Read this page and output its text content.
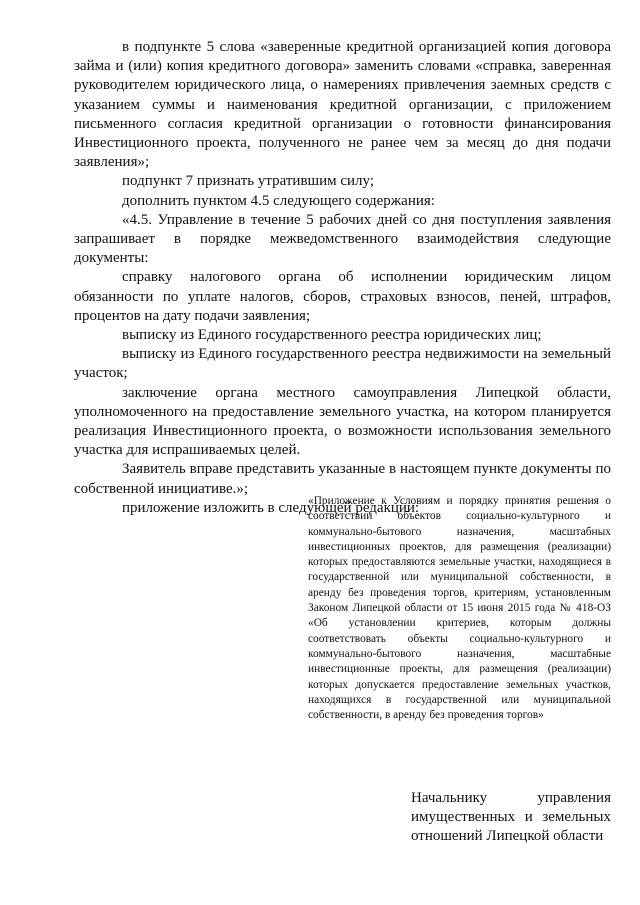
в подпункте 5 слова «заверенные кредитной организацией копия договора займа и (или) копия кредитного договора» заменить словами «справка, заверенная руководителем юридического лица, о намерениях привлечения заемных средств с указанием суммы и наименования кредитной организации, с приложением письменного согласия кредитной организации о готовности финансирования Инвестиционного проекта, полученного не ранее чем за месяц до дня подачи заявления»;

подпункт 7 признать утратившим силу;

дополнить пунктом 4.5 следующего содержания:

«4.5. Управление в течение 5 рабочих дней со дня поступления заявления запрашивает в порядке межведомственного взаимодействия следующие документы:

справку налогового органа об исполнении юридическим лицом обязанности по уплате налогов, сборов, страховых взносов, пеней, штрафов, процентов на дату подачи заявления;

выписку из Единого государственного реестра юридических лиц;

выписку из Единого государственного реестра недвижимости на земельный участок;

заключение органа местного самоуправления Липецкой области, уполномоченного на предоставление земельного участка, на котором планируется реализация Инвестиционного проекта, о возможности использования земельного участка для испрашиваемых целей.

Заявитель вправе представить указанные в настоящем пункте документы по собственной инициативе.»;

приложение изложить в следующей редакции:

«Приложение к Условиям и порядку принятия решения о соответствии объектов социально-культурного и коммунально-бытового назначения, масштабных инвестиционных проектов, для размещения (реализации) которых предоставляются земельные участки, находящиеся в государственной или муниципальной собственности, в аренду без проведения торгов, критериям, установленным Законом Липецкой области от 15 июня 2015 года № 418-ОЗ «Об установлении критериев, которым должны соответствовать объекты социально-культурного и коммунально-бытового назначения, масштабные инвестиционные проекты, для размещения (реализации) которых допускается предоставление земельных участков, находящихся в государственной или муниципальной собственности, в аренду без проведения торгов»

Начальнику управления имущественных и земельных отношений Липецкой области
